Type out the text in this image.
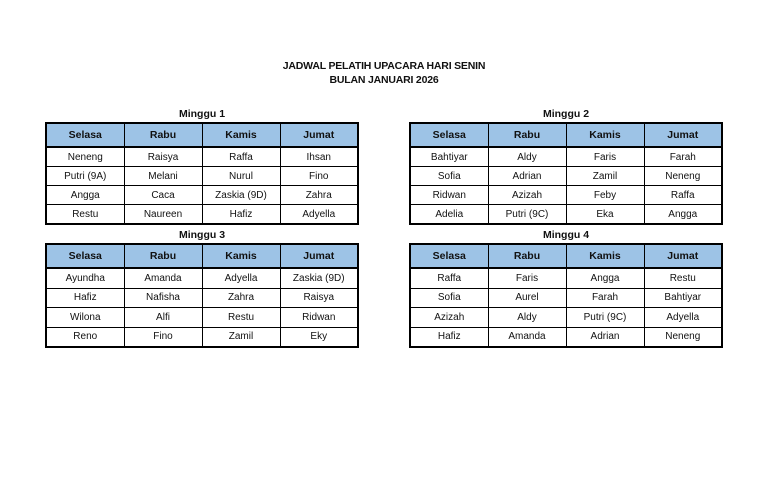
JADWAL PELATIH UPACARA HARI SENIN
BULAN JANUARI 2026
Minggu 1
Selasa	Rabu	Kamis	Jumat
Neneng	Raisya	Raffa	Ihsan
Putri (9A)	Melani	Nurul	Fino
Angga	Caca	Zaskia (9D)	Zahra
Restu	Naureen	Hafiz	Adyella
Minggu 2
Selasa	Rabu	Kamis	Jumat
Bahtiyar	Aldy	Faris	Farah
Sofia	Adrian	Zamil	Neneng
Ridwan	Azizah	Feby	Raffa
Adelia	Putri (9C)	Eka	Angga
Minggu 3
Selasa	Rabu	Kamis	Jumat
Ayundha	Amanda	Adyella	Zaskia (9D)
Hafiz	Nafisha	Zahra	Raisya
Wilona	Alfi	Restu	Ridwan
Reno	Fino	Zamil	Eky
Minggu 4
Selasa	Rabu	Kamis	Jumat
Raffa	Faris	Angga	Restu
Sofia	Aurel	Farah	Bahtiyar
Azizah	Aldy	Putri (9C)	Adyella
Hafiz	Amanda	Adrian	Neneng
